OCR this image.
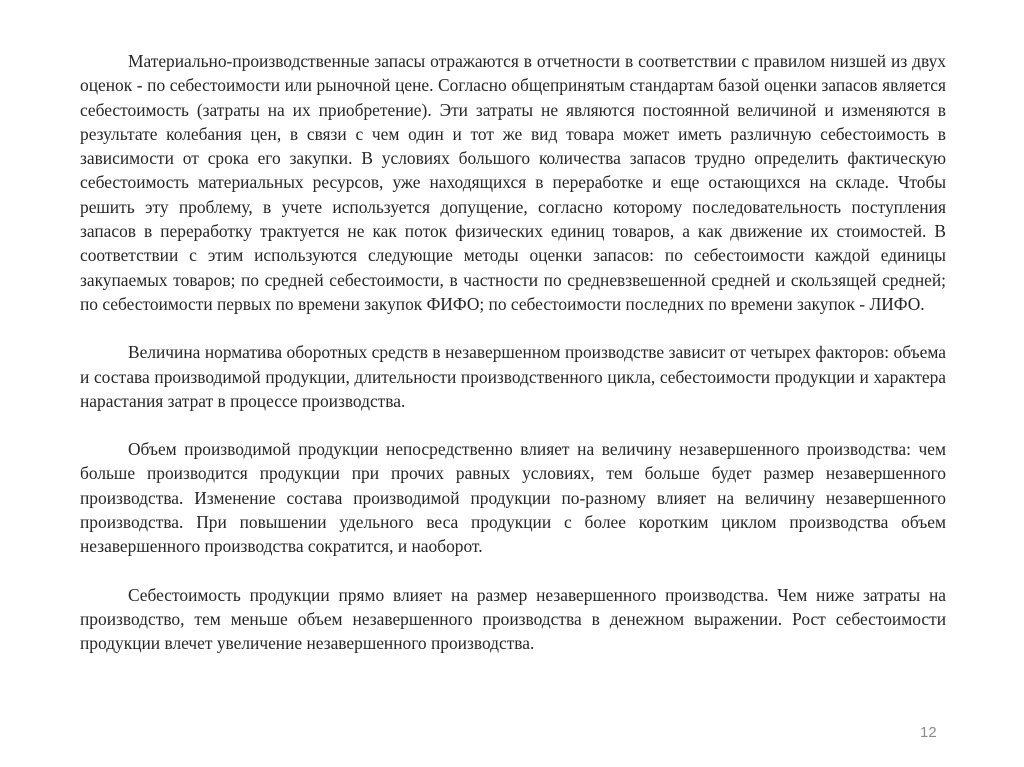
Материально-производственные запасы отражаются в отчетности в соответствии с правилом низшей из двух оценок - по себестоимости или рыночной цене. Согласно общепринятым стандартам базой оценки запасов является себестоимость (затраты на их приобретение). Эти затраты не являются постоянной величиной и изменяются в результате колебания цен, в связи с чем один и тот же вид товара может иметь различную себестоимость в зависимости от срока его закупки. В условиях большого количества запасов трудно определить фактическую себестоимость материальных ресурсов, уже находящихся в переработке и еще остающихся на складе. Чтобы решить эту проблему, в учете используется допущение, согласно которому последовательность поступления запасов в переработку трактуется не как поток физических единиц товаров, а как движение их стоимостей. В соответствии с этим используются следующие методы оценки запасов: по себестоимости каждой единицы закупаемых товаров; по средней себестоимости, в частности по средневзвешенной средней и скользящей средней; по себестоимости первых по времени закупок ФИФО; по себестоимости последних по времени закупок - ЛИФО.

Величина норматива оборотных средств в незавершенном производстве зависит от четырех факторов: объема и состава производимой продукции, длительности производственного цикла, себестоимости продукции и характера нарастания затрат в процессе производства.

Объем производимой продукции непосредственно влияет на величину незавершенного производства: чем больше производится продукции при прочих равных условиях, тем больше будет размер незавершенного производства. Изменение состава производимой продукции по-разному влияет на величину незавершенного производства. При повышении удельного веса продукции с более коротким циклом производства объем незавершенного производства сократится, и наоборот.

Себестоимость продукции прямо влияет на размер незавершенного производства. Чем ниже затраты на производство, тем меньше объем незавершенного производства в денежном выражении. Рост себестоимости продукции влечет увеличение незавершенного производства.

12
